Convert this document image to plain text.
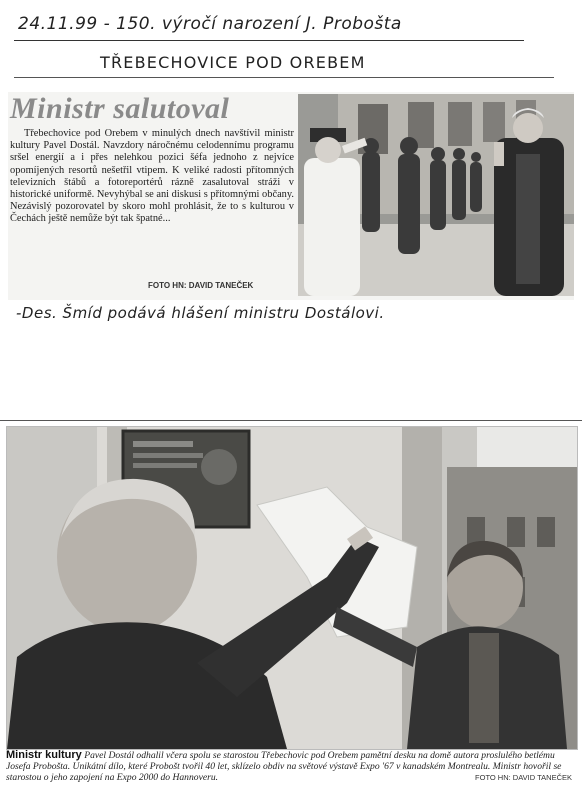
24.11.99 - 150. výročí narození J. Proboštа
TŘEBECHOVICE POD OREBEM
Ministr salutoval

Třebechovice pod Orebem v minulých dnech navštívil ministr kultury Pavel Dostál. Navzdory náročnému celodennímu programu sršel energií a i přes nelehkou pozici šéfa jednoho z nejvíce opomíjených resortů nešetřil vtipem. K veliké radosti přítomných televizních štábů a fotoreportérů rázně zasalutoval stráži v historické uniformě. Nevyhýbal se ani diskusi s přítomnými občany. Nezávislý pozorovatel by skoro mohl prohlásit, že to s kulturou v Čechách ještě nemůže být tak špatné...

FOTO HN: DAVID TANEČEK
-Des. Šmíd podává hlášení ministru Dostálovi.
Ministr kultury Pavel Dostál odhalil včera spolu se starostou Třebechovic pod Orebem pamětní desku na domě autora proslulého betlému Josefa Probošta. Unikátní dílo, které Probošt tvořil 40 let, sklízelo obdiv na světové výstavě Expo '67 v kanadském Montrealu. Ministr hovořil se starostou o jeho zapojení na Expo 2000 do Hannoveru.	FOTO HN: DAVID TANEČEK
